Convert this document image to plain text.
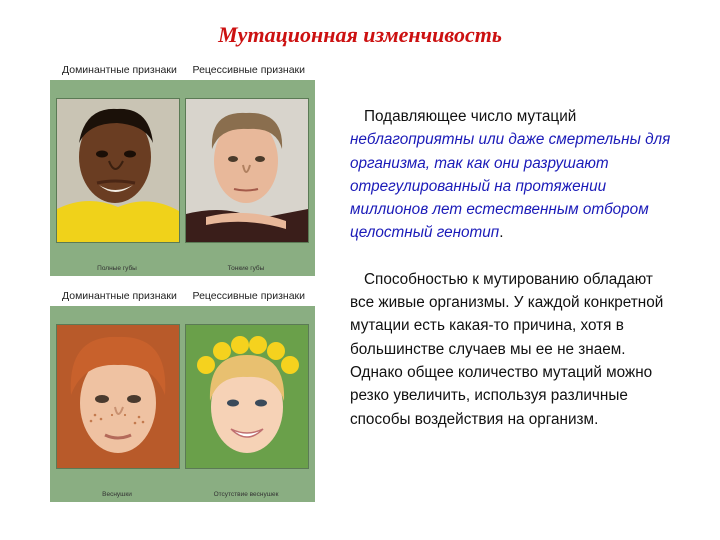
Мутационная изменчивость
Доминантные признаки Рецессивные признаки
Полные губы	Тонкие губы
Доминантные признаки Рецессивные признаки
Веснушки	Отсутствие веснушек

Подавляющее число мутаций
неблагоприятны или даже смертельны для организма, так как они разрушают отрегулированный на протяжении миллионов лет естественным отбором целостный генотип.

Способностью к мутированию обладают все живые организмы. У каждой конкретной мутации есть какая-то причина, хотя в большинстве случаев мы ее не знаем. Однако общее количество мутаций можно резко увеличить, используя различные способы воздействия на организм.
